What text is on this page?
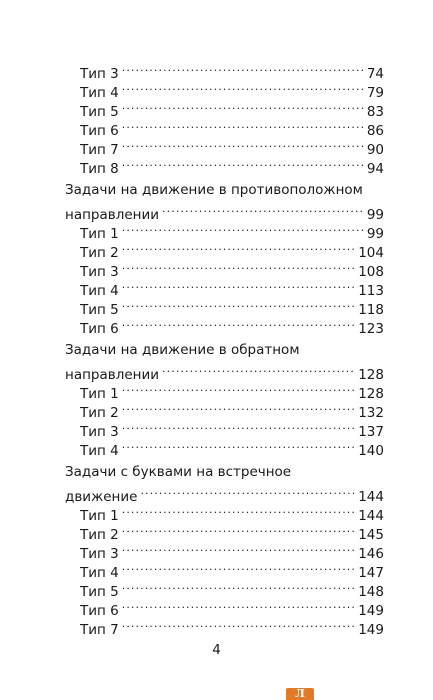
Тип 3 . . .	74
Тип 4 . . .	79
Тип 5 . . .	83
Тип 6 . . .	86
Тип 7 . . .	90
Тип 8 . . .	94
Задачи на движение в противоположном
направлении . . .	99
Тип 1 . . .	99
Тип 2 . . .	104
Тип 3 . . .	108
Тип 4 . . .	113
Тип 5 . . .	118
Тип 6 . . .	123
Задачи на движение в обратном
направлении . . .	128
Тип 1 . . .	128
Тип 2 . . .	132
Тип 3 . . .	137
Тип 4 . . .	140
Задачи с буквами на встречное
движение . . .	144
Тип 1 . . .	144
Тип 2 . . .	145
Тип 3 . . .	146
Тип 4 . . .	147
Тип 5 . . .	148
Тип 6 . . .	149
Тип 7 . . .	149
4
Л
